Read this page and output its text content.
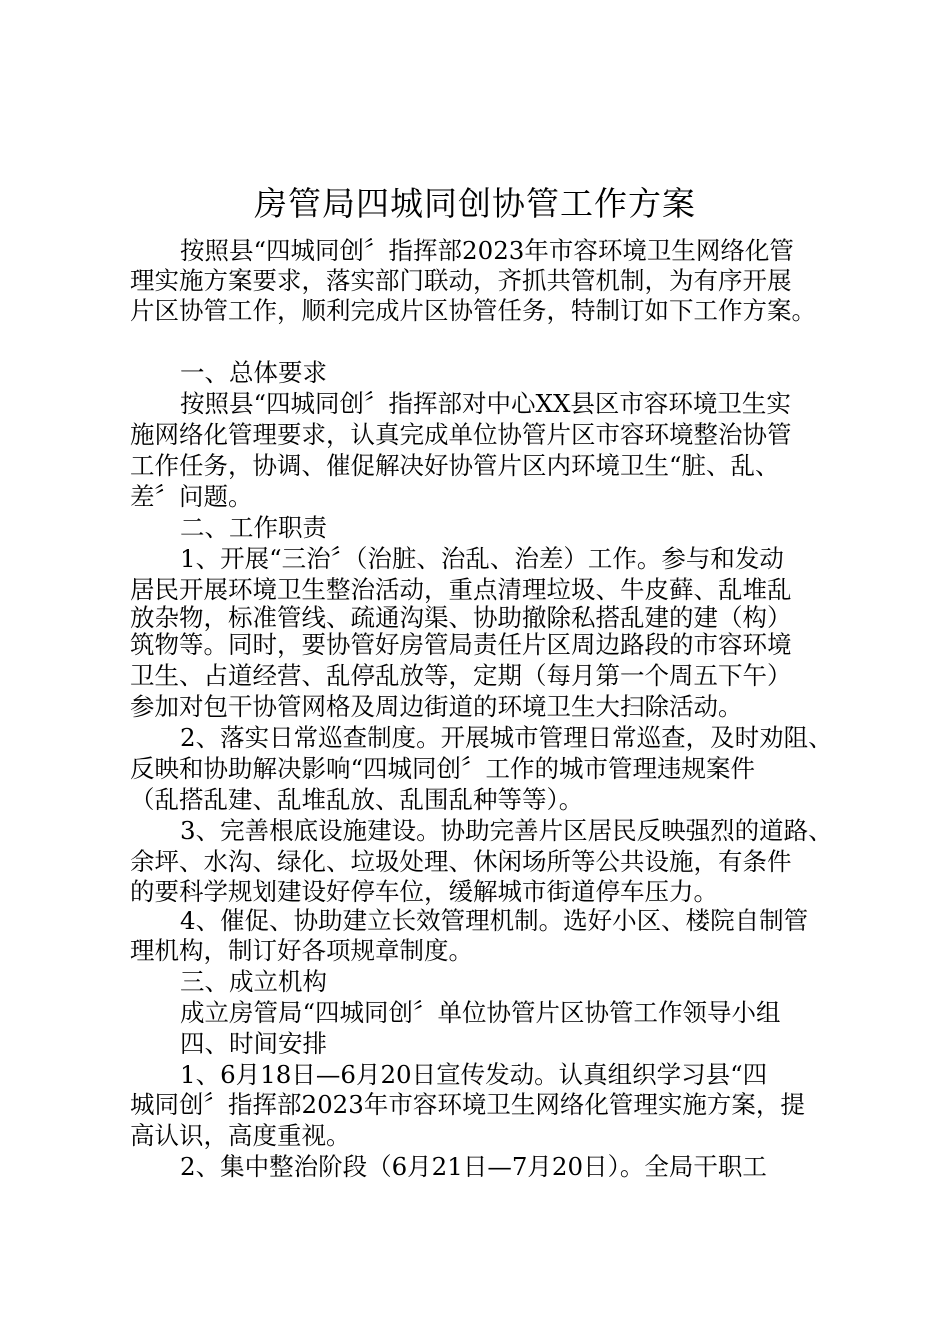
房管局四城同创协管工作方案
按照县“四城同创〞指挥部2023年市容环境卫生网络化管
理实施方案要求，落实部门联动，齐抓共管机制，为有序开展
片区协管工作，顺利完成片区协管任务，特制订如下工作方案。
一、总体要求
按照县“四城同创〞指挥部对中心XX县区市容环境卫生实
施网络化管理要求，认真完成单位协管片区市容环境整治协管
工作任务，协调、催促解决好协管片区内环境卫生“脏、乱、
差〞问题。
二、工作职责
1、开展“三治〞（治脏、治乱、治差）工作。参与和发动
居民开展环境卫生整治活动，重点清理垃圾、牛皮藓、乱堆乱
放杂物，标准管线、疏通沟渠、协助撤除私搭乱建的建（构）
筑物等。同时，要协管好房管局责任片区周边路段的市容环境
卫生、占道经营、乱停乱放等，定期（每月第一个周五下午）
参加对包干协管网格及周边街道的环境卫生大扫除活动。
2、落实日常巡查制度。开展城市管理日常巡查，及时劝阻、
反映和协助解决影响“四城同创〞工作的城市管理违规案件
（乱搭乱建、乱堆乱放、乱围乱种等等）。
3、完善根底设施建设。协助完善片区居民反映强烈的道路、
余坪、水沟、绿化、垃圾处理、休闲场所等公共设施，有条件
的要科学规划建设好停车位，缓解城市街道停车压力。
4、催促、协助建立长效管理机制。选好小区、楼院自制管
理机构，制订好各项规章制度。
三、成立机构
成立房管局“四城同创〞单位协管片区协管工作领导小组
四、时间安排
1、6月18日—6月20日宣传发动。认真组织学习县“四
城同创〞指挥部2023年市容环境卫生网络化管理实施方案，提
高认识，高度重视。
2、集中整治阶段（6月21日—7月20日）。全局干职工
